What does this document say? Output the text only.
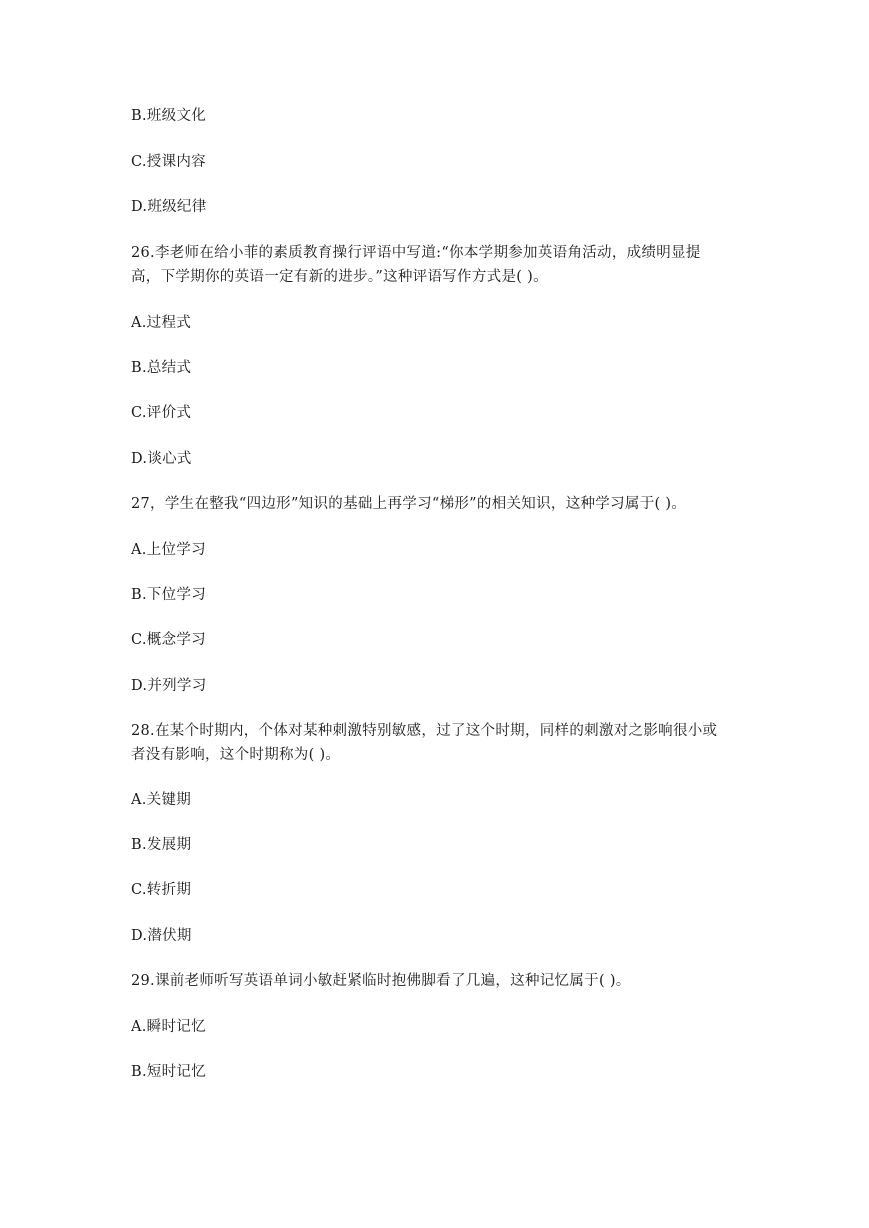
B.班级文化
C.授课内容
D.班级纪律
26.李老师在给小菲的素质教育操行评语中写道:“你本学期参加英语角活动，成绩明显提
高，下学期你的英语一定有新的进步。”这种评语写作方式是( )。
A.过程式
B.总结式
C.评价式
D.谈心式
27，学生在整我“四边形”知识的基础上再学习“梯形”的相关知识，这种学习属于( )。
A.上位学习
B.下位学习
C.概念学习
D.并列学习
28.在某个时期内，个体对某种刺激特别敏感，过了这个时期，同样的刺激对之影响很小或
者没有影响，这个时期称为( )。
A.关键期
B.发展期
C.转折期
D.潜伏期
29.课前老师听写英语单词小敏赶紧临时抱佛脚看了几遍，这种记忆属于( )。
A.瞬时记忆
B.短时记忆
